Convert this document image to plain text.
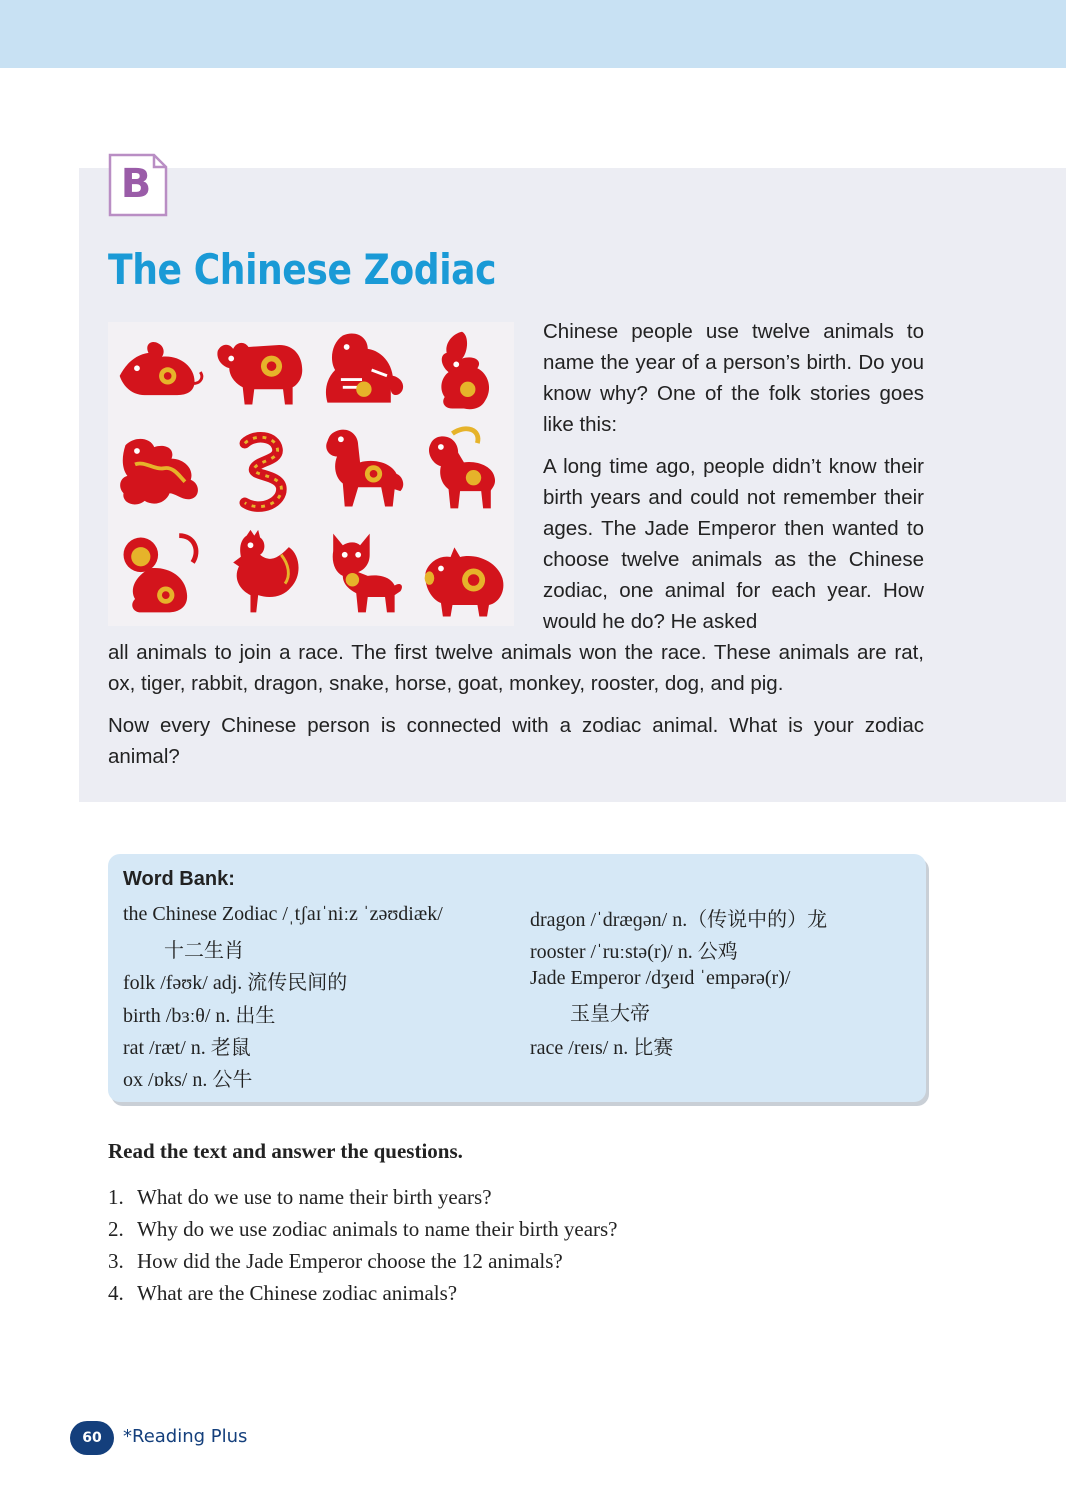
B
The Chinese Zodiac

Chinese people use twelve animals to name the year of a person’s birth. Do you know why? One of the folk stories goes like this:

A long time ago, people didn’t know their birth years and could not remember their ages. The Jade Emperor then wanted to choose twelve animals as the Chinese zodiac, one animal for each year. How would he do? He asked

all animals to join a race. The first twelve animals won the race. These animals are rat, ox, tiger, rabbit, dragon, snake, horse, goat, monkey, rooster, dog, and pig.

Now every Chinese person is connected with a zodiac animal. What is your zodiac animal?

Word Bank:
the Chinese Zodiac /ˌtʃaɪˈniːz ˈzəʊdiæk/
十二生肖
folk /fəʊk/ adj. 流传民间的
birth /bɜːθ/ n. 出生
rat /ræt/ n. 老鼠
ox /ɒks/ n. 公牛
dragon /ˈdræɡən/ n.（传说中的）龙
rooster /ˈruːstə(r)/ n. 公鸡
Jade Emperor /dʒeɪd ˈempərə(r)/
玉皇大帝
race /reɪs/ n. 比赛
Read the text and answer the questions.
1. What do we use to name their birth years?
2. Why do we use zodiac animals to name their birth years?
3. How did the Jade Emperor choose the 12 animals?
4. What are the Chinese zodiac animals?
60	*Reading Plus
